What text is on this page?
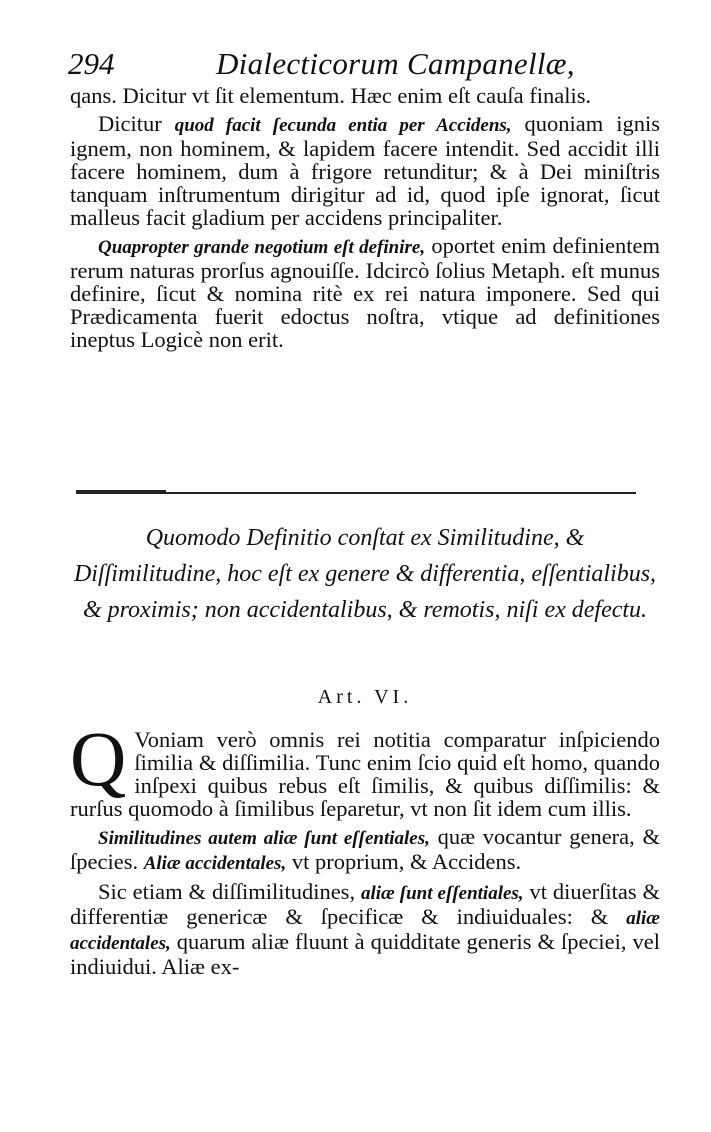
294	Dialecticorum Campanellæ,

qans. Dicitur vt ſit elementum. Hæc enim eſt cauſa finalis.

Dicitur quod facit ſecunda entia per Accidens, quoniam ignis ignem, non hominem, & lapidem facere intendit. Sed accidit illi facere hominem, dum à frigore retunditur; & à Dei miniſtris tanquam inſtrumentum dirigitur ad id, quod ipſe ignorat, ſicut malleus facit gladium per accidens principaliter.

Quapropter grande negotium eſt definire, oportet enim definientem rerum naturas prorſus agnouiſſe. Idcircò ſolius Metaph. eſt munus definire, ſicut & nomina ritè ex rei natura imponere. Sed qui Prædicamenta fuerit edoctus noſtra, vtique ad definitiones ineptus Logicè non erit.

Quomodo Definitio conſtat ex Similitudine, & Diſſimilitudine, hoc eſt ex genere & differentia, eſſentialibus, & proximis; non accidentalibus, & remotis, niſi ex defectu.
Art. VI.

Q Voniam verò omnis rei notitia comparatur inſpiciendo ſimilia & diſſimilia. Tunc enim ſcio quid eſt homo, quando inſpexi quibus rebus eſt ſimilis, & quibus diſſimilis: & rurſus quomodo à ſimilibus ſeparetur, vt non ſit idem cum illis.

Similitudines autem aliæ ſunt eſſentiales, quæ vocantur genera, & ſpecies. Aliæ accidentales, vt proprium, & Accidens.

Sic etiam & diſſimilitudines, aliæ ſunt eſſentiales, vt diuerſitas & differentiæ genericæ & ſpecificæ & indiuiduales: & aliæ accidentales, quarum aliæ fluunt à quidditate generis & ſpeciei, vel indiuidui. Aliæ ex-
